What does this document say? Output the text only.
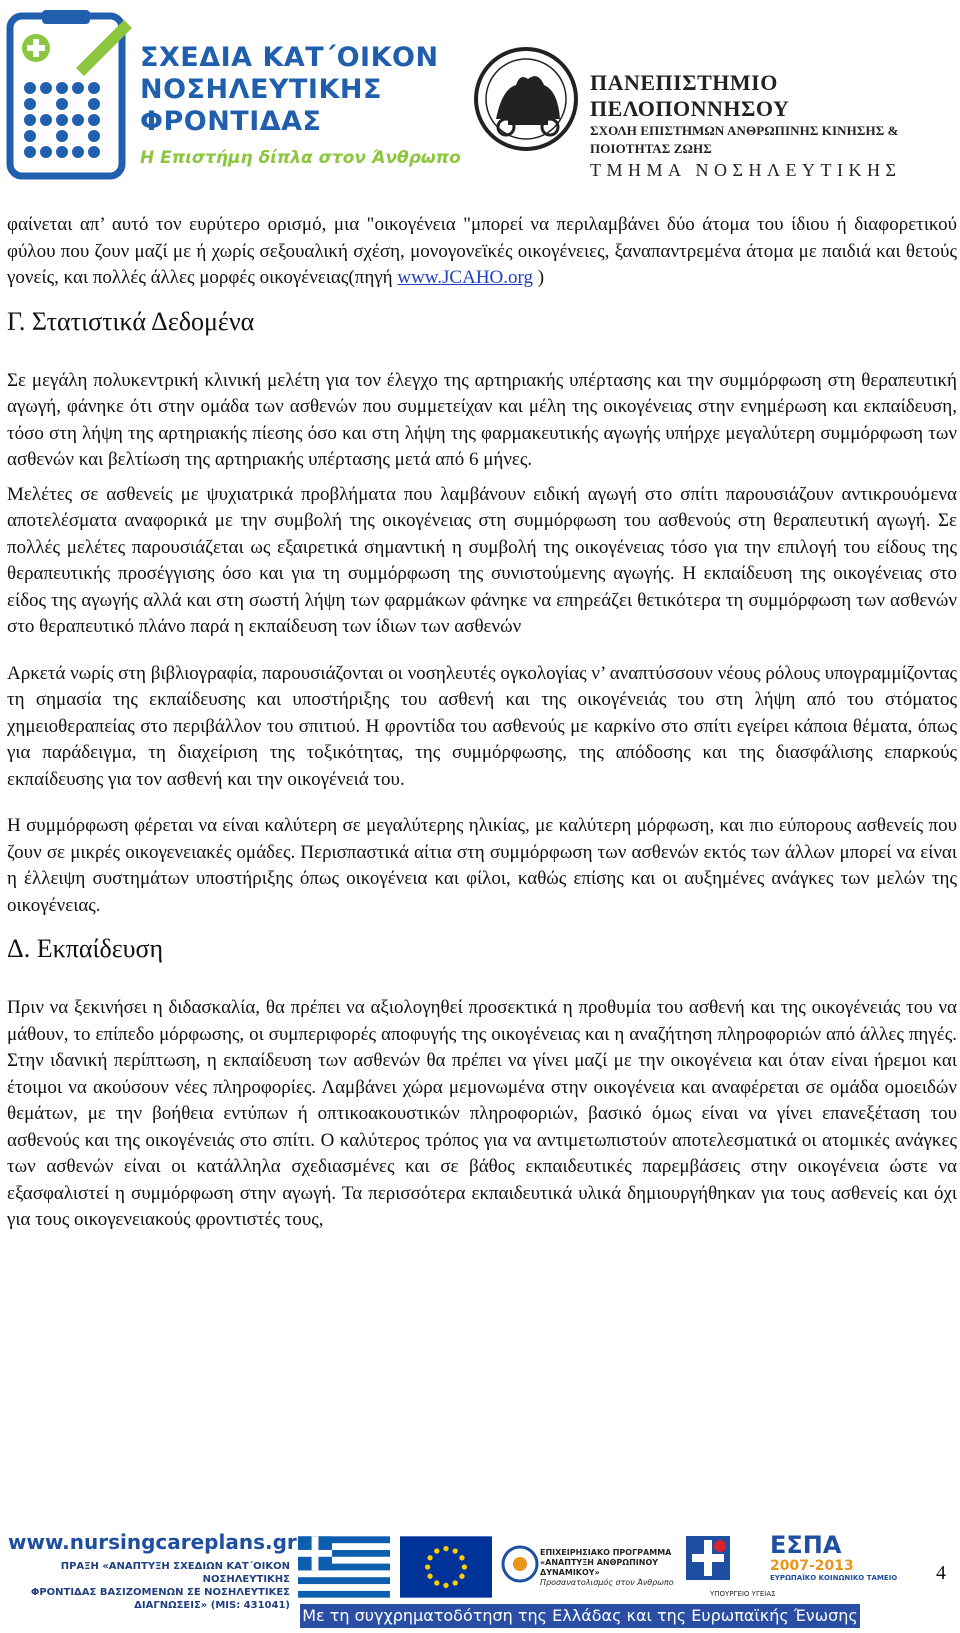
ΣΧΕΔΙΑ ΚΑΤ΄ΟΙΚΟΝ
ΝΟΣΗΛΕΥΤΙΚΗΣ
ΦΡΟΝΤΙΔΑΣ
Η Επιστήμη δίπλα στον Άνθρωπο
ΠΑΝΕΠΙΣΤΗΜΙΟ ΠΕΛΟΠΟΝΝΗΣΟΥ
ΣΧΟΛΗ ΕΠΙΣΤΗΜΩΝ ΑΝΘΡΩΠΙΝΗΣ ΚΙΝΗΣΗΣ & ΠΟΙΟΤΗΤΑΣ ΖΩΗΣ
ΤΜΗΜΑ ΝΟΣΗΛΕΥΤΙΚΗΣ

φαίνεται απ’ αυτό τον ευρύτερο ορισμό, μια "οικογένεια "μπορεί να περιλαμβάνει δύο άτομα του ίδιου ή διαφορετικού φύλου που ζουν μαζί με ή χωρίς σεξουαλική σχέση, μονογονεϊκές οικογένειες, ξαναπαντρεμένα άτομα με παιδιά και θετούς γονείς, και πολλές άλλες μορφές οικογένειας(πηγή www.JCAHO.org )

Γ. Στατιστικά Δεδομένα

Σε μεγάλη πολυκεντρική κλινική μελέτη για τον έλεγχο της αρτηριακής υπέρτασης και την συμμόρφωση στη θεραπευτική αγωγή, φάνηκε ότι στην ομάδα των ασθενών που συμμετείχαν και μέλη της οικογένειας στην ενημέρωση και εκπαίδευση, τόσο στη λήψη της αρτηριακής πίεσης όσο και στη λήψη της φαρμακευτικής αγωγής υπήρχε μεγαλύτερη συμμόρφωση των ασθενών και βελτίωση της αρτηριακής υπέρτασης μετά από 6 μήνες.

Μελέτες σε ασθενείς με ψυχιατρικά προβλήματα που λαμβάνουν ειδική αγωγή στο σπίτι παρουσιάζουν αντικρουόμενα αποτελέσματα αναφορικά με την συμβολή της οικογένειας στη συμμόρφωση του ασθενούς στη θεραπευτική αγωγή. Σε πολλές μελέτες παρουσιάζεται ως εξαιρετικά σημαντική η συμβολή της οικογένειας τόσο για την επιλογή του είδους της θεραπευτικής προσέγγισης όσο και για τη συμμόρφωση της συνιστούμενης αγωγής. Η εκπαίδευση της οικογένειας στο είδος της αγωγής αλλά και στη σωστή λήψη των φαρμάκων φάνηκε να επηρεάζει θετικότερα τη συμμόρφωση των ασθενών στο θεραπευτικό πλάνο παρά η εκπαίδευση των ίδιων των ασθενών

Αρκετά νωρίς στη βιβλιογραφία, παρουσιάζονται οι νοσηλευτές ογκολογίας ν’ αναπτύσσουν νέους ρόλους υπογραμμίζοντας τη σημασία της εκπαίδευσης και υποστήριξης του ασθενή και της οικογένειάς του στη λήψη από του στόματος χημειοθεραπείας στο περιβάλλον του σπιτιού. Η φροντίδα του ασθενούς με καρκίνο στο σπίτι εγείρει κάποια θέματα, όπως για παράδειγμα, τη διαχείριση της τοξικότητας, της συμμόρφωσης, της απόδοσης και της διασφάλισης επαρκούς εκπαίδευσης για τον ασθενή και την οικογένειά του.

Η συμμόρφωση φέρεται να είναι καλύτερη σε μεγαλύτερης ηλικίας, με καλύτερη μόρφωση, και πιο εύπορους ασθενείς που ζουν σε μικρές οικογενειακές ομάδες. Περισπαστικά αίτια στη συμμόρφωση των ασθενών εκτός των άλλων μπορεί να είναι η έλλειψη συστημάτων υποστήριξης όπως οικογένεια και φίλοι, καθώς επίσης και οι αυξημένες ανάγκες των μελών της οικογένειας.

Δ. Εκπαίδευση

Πριν να ξεκινήσει η διδασκαλία, θα πρέπει να αξιολογηθεί προσεκτικά η προθυμία του ασθενή και της οικογένειάς του να μάθουν, το επίπεδο μόρφωσης, οι συμπεριφορές αποφυγής της οικογένειας και η αναζήτηση πληροφοριών από άλλες πηγές. Στην ιδανική περίπτωση, η εκπαίδευση των ασθενών θα πρέπει να γίνει μαζί με την οικογένεια και όταν είναι ήρεμοι και έτοιμοι να ακούσουν νέες πληροφορίες. Λαμβάνει χώρα μεμονωμένα στην οικογένεια και αναφέρεται σε ομάδα ομοειδών θεμάτων, με την βοήθεια εντύπων ή οπτικοακουστικών πληροφοριών, βασικό όμως είναι να γίνει επανεξέταση του ασθενούς και της οικογένειάς στο σπίτι. Ο καλύτερος τρόπος για να αντιμετωπιστούν αποτελεσματικά οι ατομικές ανάγκες των ασθενών είναι οι κατάλληλα σχεδιασμένες και σε βάθος εκπαιδευτικές παρεμβάσεις στην οικογένεια ώστε να εξασφαλιστεί η συμμόρφωση στην αγωγή. Τα περισσότερα εκπαιδευτικά υλικά δημιουργήθηκαν για τους ασθενείς και όχι για τους οικογενειακούς φροντιστές τους,

www.nursingcareplans.gr
ΠΡΑΞΗ «ΑΝΑΠΤΥΞΗ ΣΧΕΔΙΩΝ ΚΑΤ΄ΟΙΚΟΝ ΝΟΣΗΛΕΥΤΙΚΗΣ
ΦΡΟΝΤΙΔΑΣ ΒΑΣΙΖΟΜΕΝΩΝ ΣΕ ΝΟΣΗΛΕΥΤΙΚΕΣ
ΔΙΑΓΝΩΣΕΙΣ» (MIS: 431041)
ΕΠΙΧΕΙΡΗΣΙΑΚΟ ΠΡΟΓΡΑΜΜΑ «ΑΝΑΠΤΥΞΗ ΑΝΘΡΩΠΙΝΟΥ ΔΥΝΑΜΙΚΟΥ»
Προσανατολισμός στον Άνθρωπο
ΥΠΟΥΡΓΕΙΟ ΥΓΕΙΑΣ
ΕΣΠΑ
2007-2013
ΕΥΡΩΠΑΪΚΟ ΚΟΙΝΩΝΙΚΟ ΤΑΜΕΙΟ 4
Με τη συγχρηματοδότηση της Ελλάδας και της Ευρωπαϊκής Ένωσης
